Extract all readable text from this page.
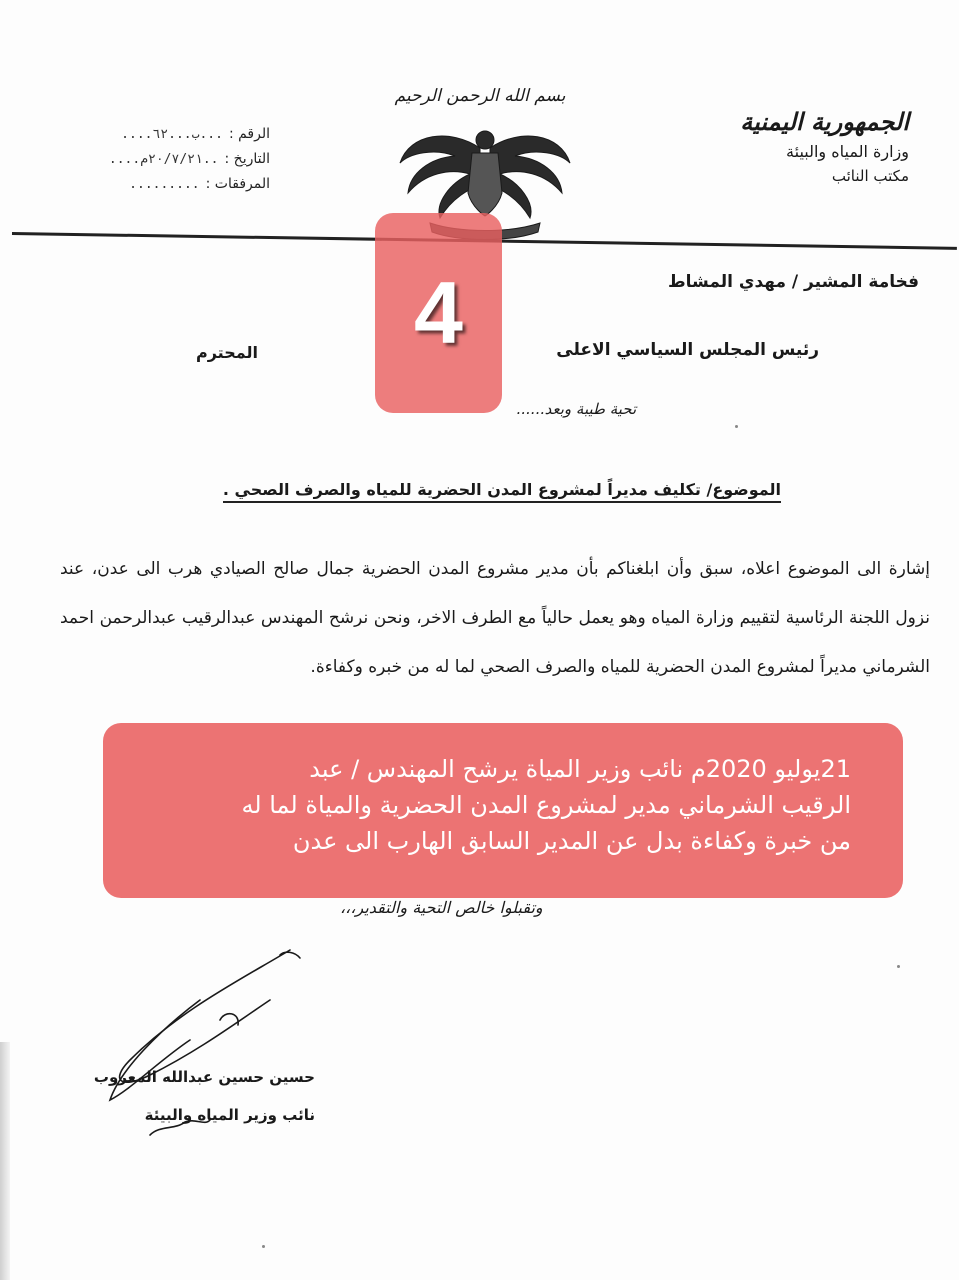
الجمهورية اليمنية
وزارة المياه والبيئة
مكتب النائب
بسم الله الرحمن الرحيم
الرقم :
...ب...٦٢....
التاريخ :
..٢٠/٧/٢١م....
المرفقات :
.........
فخامة المشير / مهدي المشاط
رئيس المجلس السياسي الاعلى
المحترم
تحية طيبة وبعد......
الموضوع/ تكليف مديراً لمشروع المدن الحضرية للمياه والصرف الصحي .
إشارة الى الموضوع اعلاه، سبق وأن ابلغناكم بأن مدير مشروع المدن الحضرية جمال صالح الصيادي هرب الى عدن، عند نزول اللجنة الرئاسية لتقييم وزارة المياه وهو يعمل حالياً مع الطرف الاخر، ونحن نرشح المهندس عبدالرقيب عبدالرحمن احمد الشرماني مديراً لمشروع المدن الحضرية للمياه والصرف الصحي لما له من خبره وكفاءة.
وتقبلوا خالص التحية والتقدير،،،
حسين حسين عبدالله المعروب
نائب وزير المياه والبيئة
4

21يوليو 2020م نائب وزير المياة يرشح المهندس / عبد

الرقيب الشرماني مدير لمشروع المدن الحضرية والمياة لما له

من خبرة وكفاءة بدل عن المدير السابق الهارب الى عدن
